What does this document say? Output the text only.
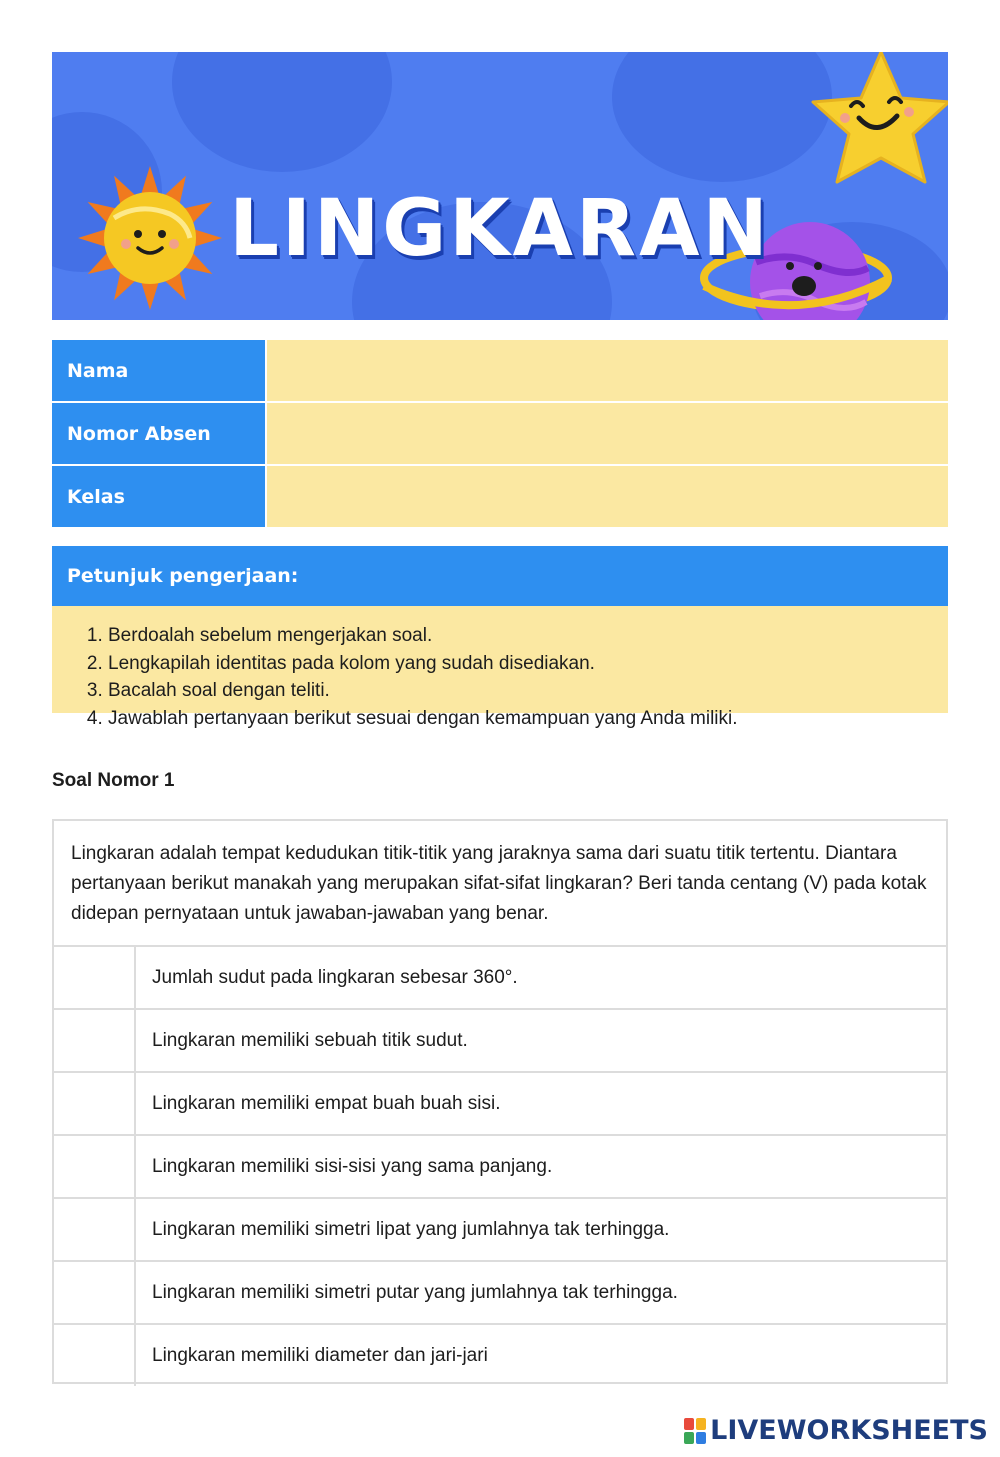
LINGKARAN
Nama
Nomor Absen
Kelas
Petunjuk pengerjaan:
1. Berdoalah sebelum mengerjakan soal.
2. Lengkapilah identitas pada kolom yang sudah disediakan.
3. Bacalah soal dengan teliti.
4. Jawablah pertanyaan berikut sesuai dengan kemampuan yang Anda miliki.
Soal Nomor 1
Lingkaran adalah tempat kedudukan titik-titik yang jaraknya sama dari suatu titik tertentu. Diantara pertanyaan berikut manakah yang merupakan sifat-sifat lingkaran? Beri tanda centang (V) pada kotak didepan pernyataan untuk jawaban-jawaban yang benar.
Jumlah sudut pada lingkaran sebesar 360°.
Lingkaran memiliki sebuah titik sudut.
Lingkaran memiliki empat buah buah sisi.
Lingkaran memiliki sisi-sisi yang sama panjang.
Lingkaran memiliki simetri lipat yang jumlahnya tak terhingga.
Lingkaran memiliki simetri putar yang jumlahnya tak terhingga.
Lingkaran memiliki diameter dan jari-jari
LIVEWORKSHEETS
